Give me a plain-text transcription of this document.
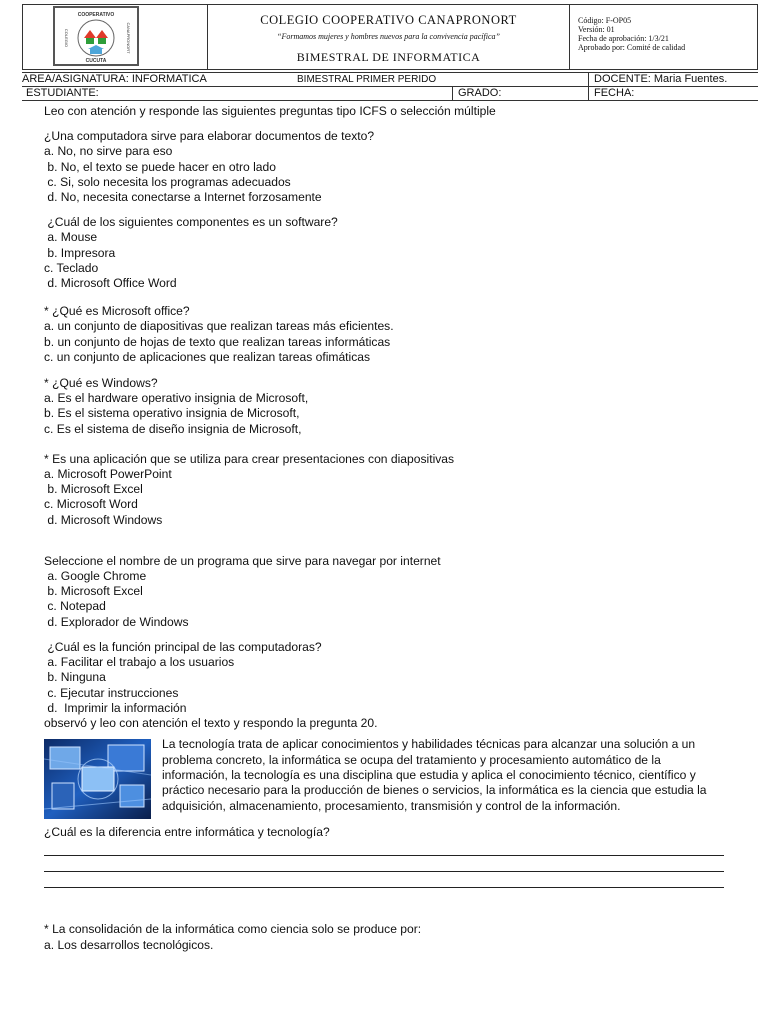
COOPERATIVO
COLEGIO	CANAPRONORT
CUCUTA
COLEGIO COOPERATIVO CANAPRONORT
“Formamos mujeres y hombres nuevos para la convivencia pacífica”
BIMESTRAL DE INFORMATICA
Código: F-OP05
Versión: 01
Fecha de aprobación: 1/3/21
Aprobado por: Comité de calidad
AREA/ASIGNATURA: INFORMATICA	BIMESTRAL PRIMER PERIDO	DOCENTE: Maria Fuentes.
ESTUDIANTE:	GRADO:	FECHA:

Leo con atención y responde las siguientes preguntas tipo ICFS o selección múltiple

¿Una computadora sirve para elaborar documentos de texto?

a. No, no sirve para eso

b. No, el texto se puede hacer en otro lado

c. Si, solo necesita los programas adecuados

d. No, necesita conectarse a Internet forzosamente

¿Cuál de los siguientes componentes es un software?

a. Mouse

b. Impresora

c. Teclado

d. Microsoft Office Word

* ¿Qué es Microsoft office?

a. un conjunto de diapositivas que realizan tareas más eficientes.

b. un conjunto de hojas de texto que realizan tareas informáticas

c. un conjunto de aplicaciones que realizan tareas ofimáticas

* ¿Qué es Windows?

a. Es el hardware operativo insignia de Microsoft,

b. Es el sistema operativo insignia de Microsoft,

c. Es el sistema de diseño insignia de Microsoft,

* Es una aplicación que se utiliza para crear presentaciones con diapositivas

a. Microsoft PowerPoint

b. Microsoft Excel

c. Microsoft Word

d. Microsoft Windows

Seleccione el nombre de un programa que sirve para navegar por internet

a. Google Chrome

b. Microsoft Excel

c. Notepad

d. Explorador de Windows

¿Cuál es la función principal de las computadoras?

a. Facilitar el trabajo a los usuarios

b. Ninguna

c. Ejecutar instrucciones

d.  Imprimir la información

observó y leo con atención el texto y respondo la pregunta 20.

La tecnología trata de aplicar conocimientos y habilidades técnicas para alcanzar una solución a un problema concreto, la informática se ocupa del tratamiento y procesamiento automático de la información, la tecnología es una disciplina que estudia y aplica el conocimiento técnico, científico y práctico necesario para la producción de bienes o servicios, la informática es la ciencia que estudia la adquisición, almacenamiento, procesamiento, transmisión y control de la información.

¿Cuál es la diferencia entre informática y tecnología?

* La consolidación de la informática como ciencia solo se produce por:

a. Los desarrollos tecnológicos.
